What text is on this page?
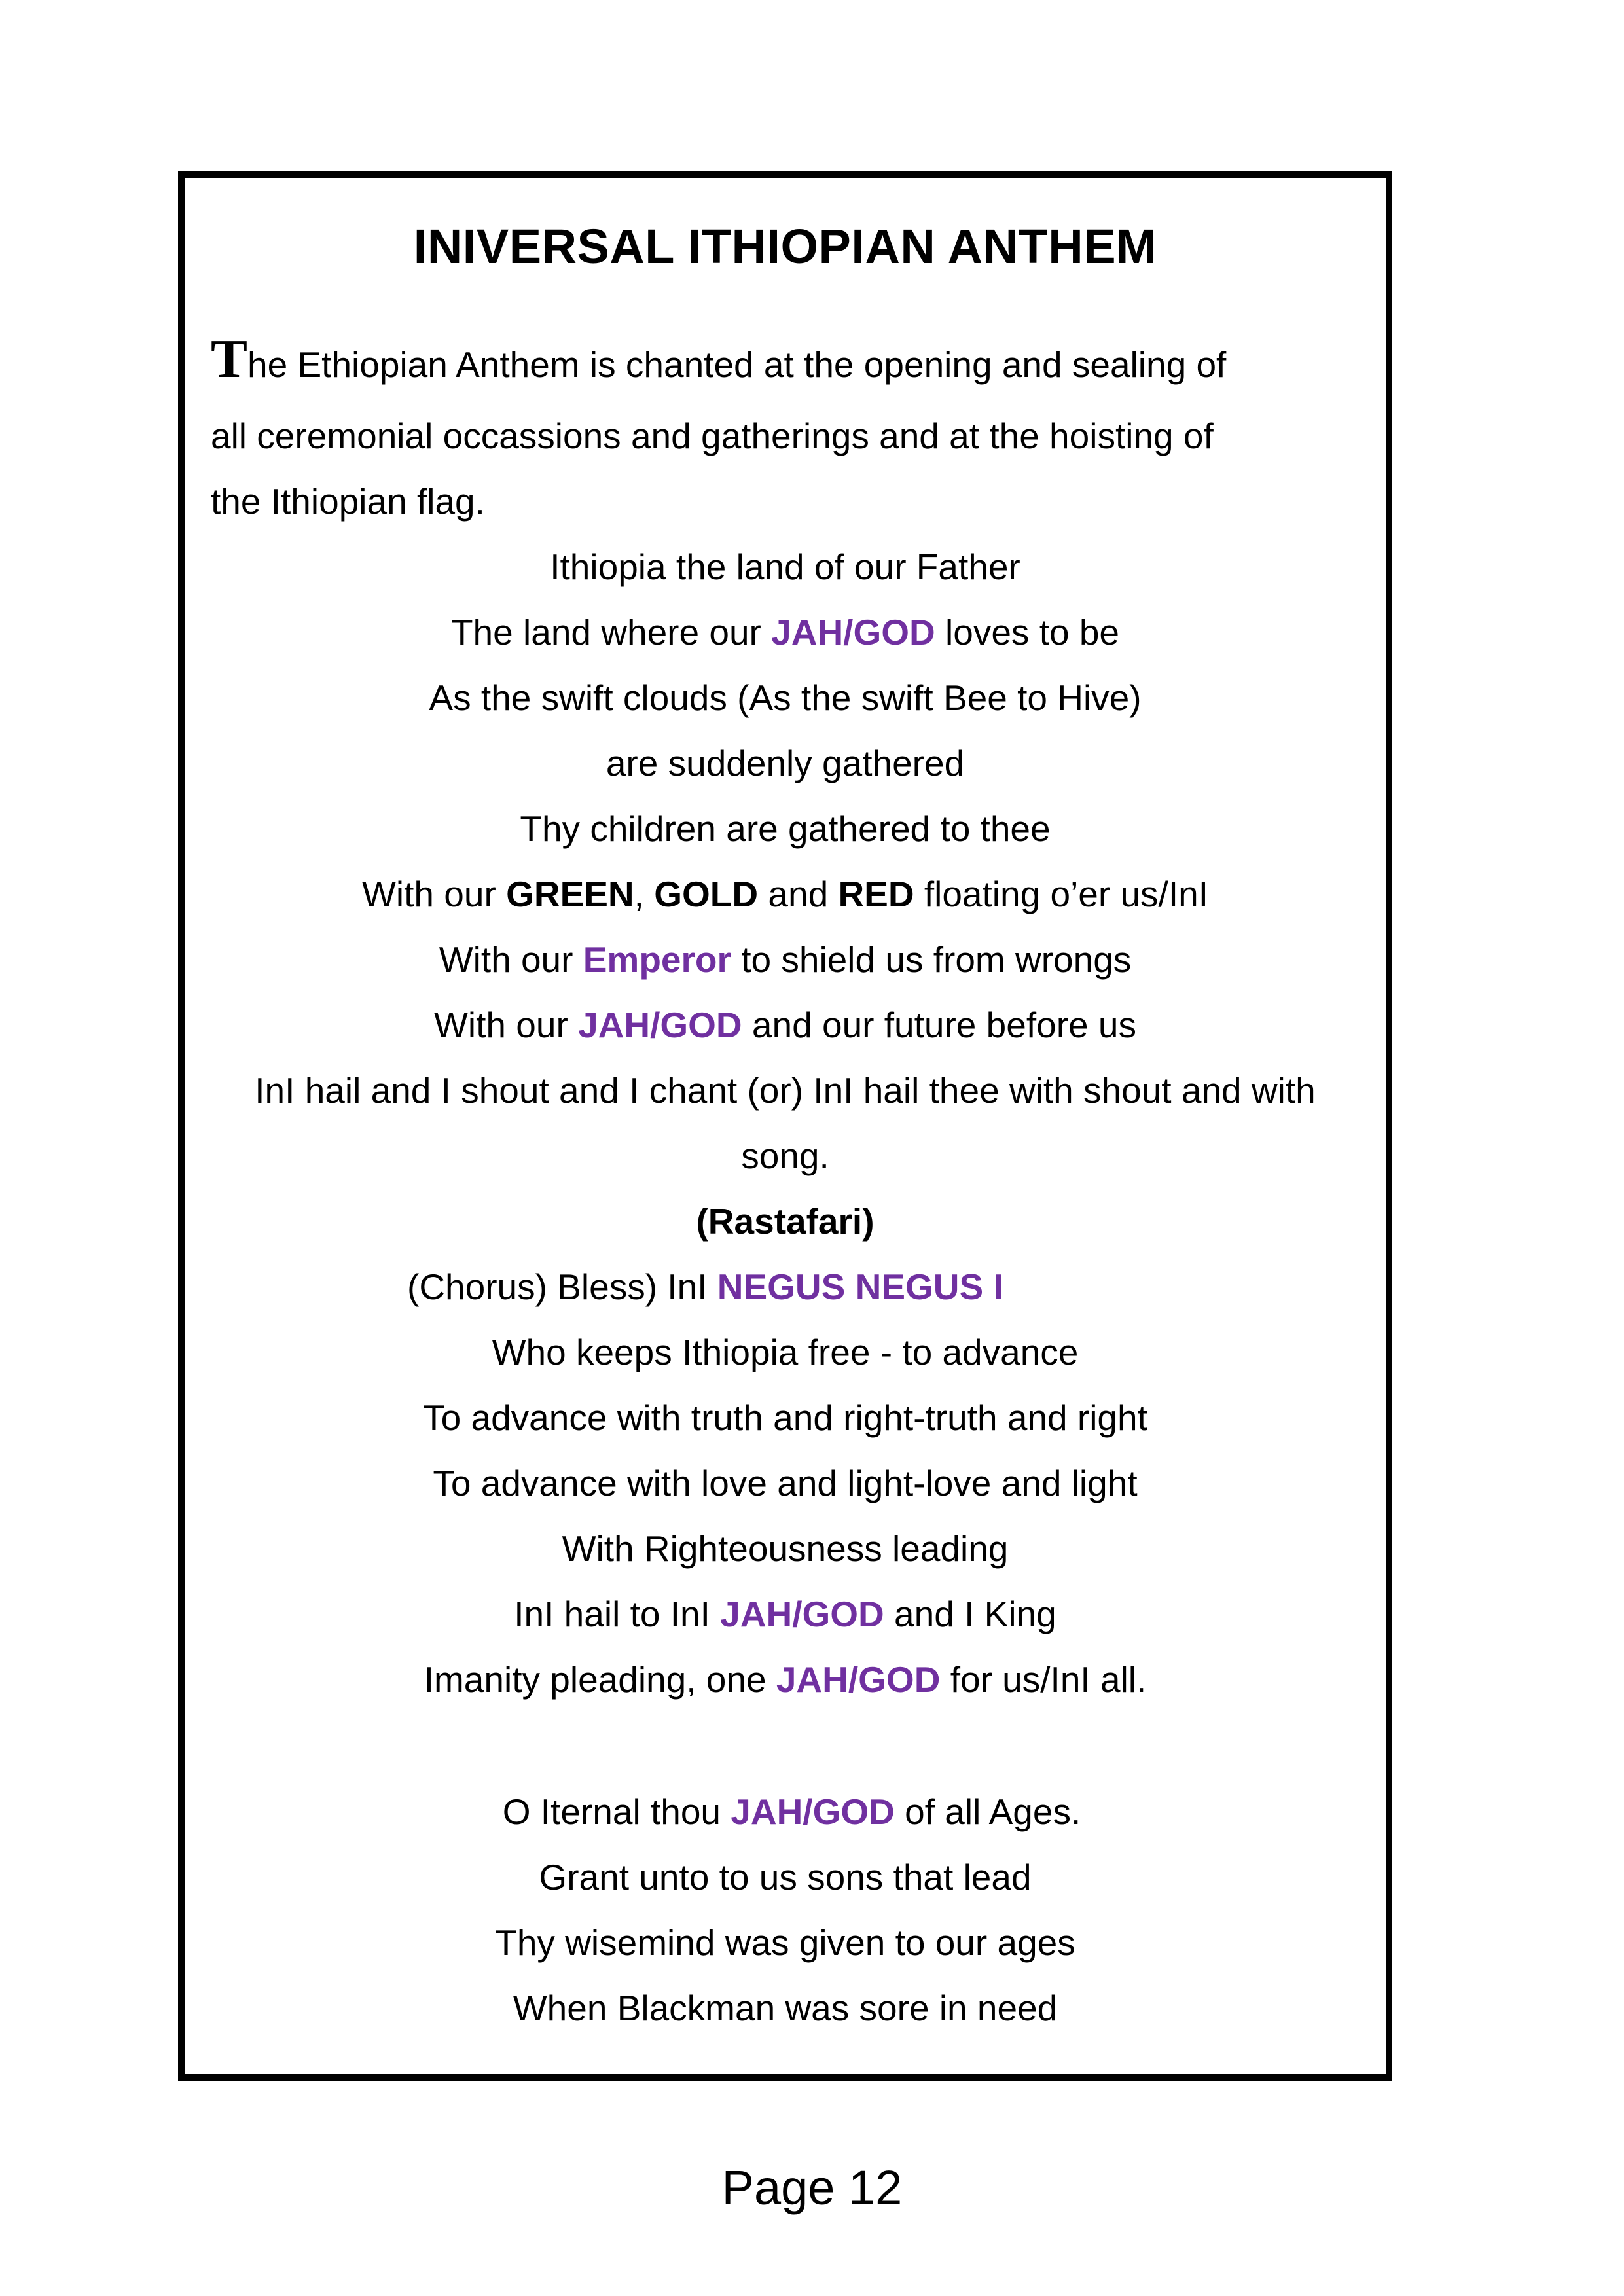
INIVERSAL ITHIOPIAN ANTHEM
The Ethiopian Anthem is chanted at the opening and sealing of
all ceremonial occassions and gatherings and at the hoisting of
the Ithiopian flag.
Ithiopia the land of our Father
The land where our JAH/GOD loves to be
As the swift clouds (As the swift Bee to Hive)
are suddenly gathered
Thy children are gathered to thee
With our GREEN, GOLD and RED floating o’er us/InI
With our Emperor to shield us from wrongs
With our JAH/GOD and our future before us
InI hail and I shout and I chant (or) InI hail thee with shout and with
song.
(Rastafari)
(Chorus) Bless) InI NEGUS NEGUS I
Who keeps Ithiopia free - to advance
To advance with truth and right-truth and right
To advance with love and light-love and light
With Righteousness leading
InI hail to InI JAH/GOD and I King
Imanity pleading, one JAH/GOD for us/InI all.
O Iternal thou JAH/GOD of all Ages.
Grant unto to us sons that lead
Thy wisemind was given to our ages
When Blackman was sore in need
Page 12
